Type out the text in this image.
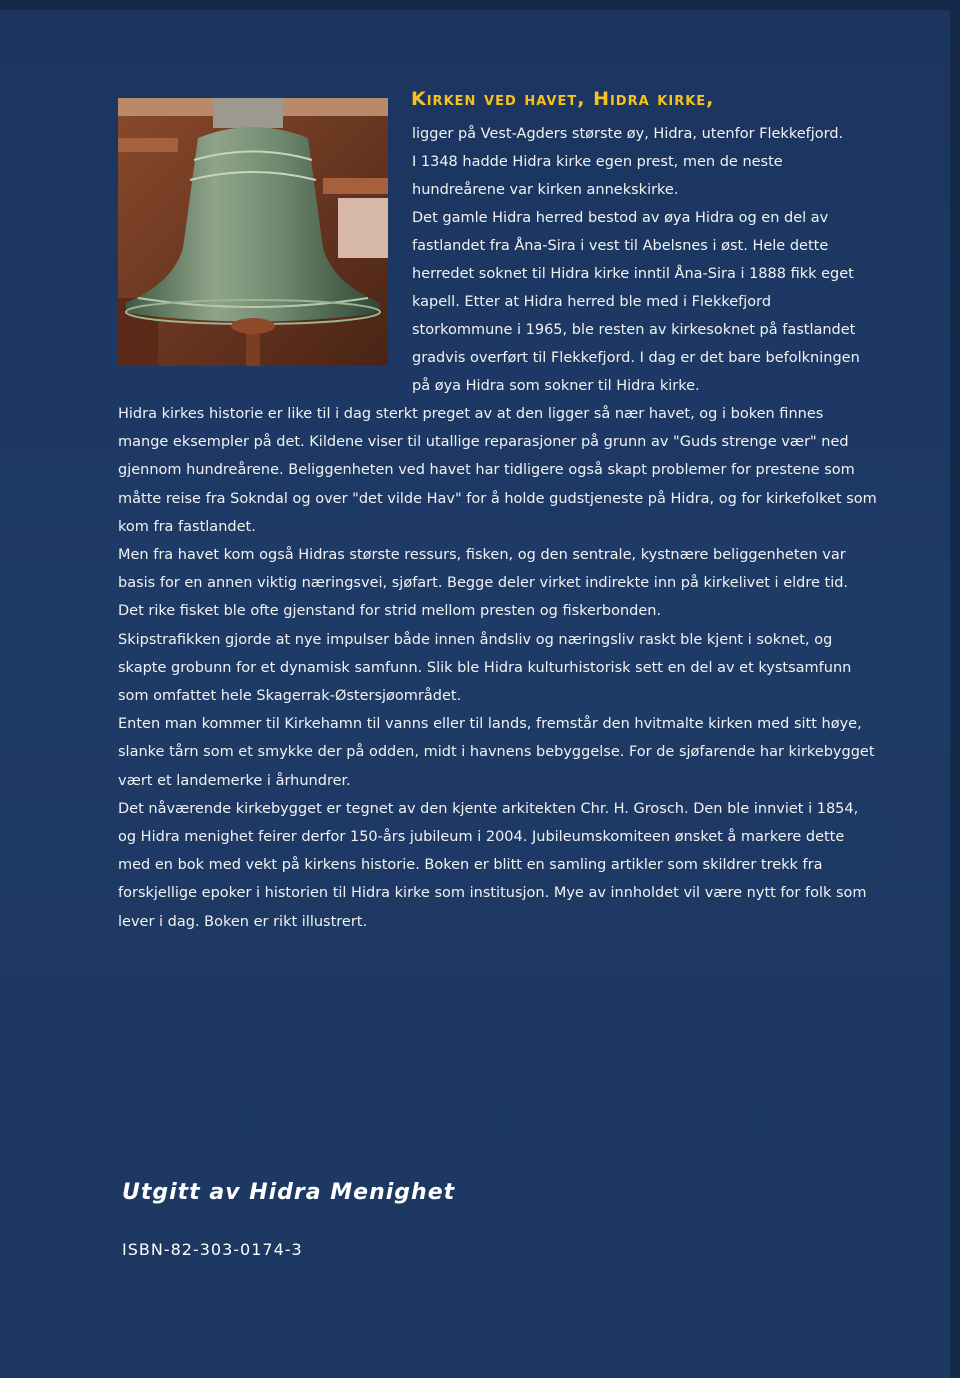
Kirken ved havet, Hidra kirke,

ligger på Vest-Agders største øy, Hidra, utenfor Flekkefjord.

I 1348 hadde Hidra kirke egen prest, men de neste hundreårene var kirken annekskirke.

Det gamle Hidra herred bestod av øya Hidra og en del av fastlandet fra Åna-Sira i vest til Abelsnes i øst. Hele dette herredet soknet til Hidra kirke inntil Åna-Sira i 1888 fikk eget kapell. Etter at Hidra herred ble med i Flekkefjord storkommune i 1965, ble resten av kirkesoknet på fastlandet gradvis overført til Flekkefjord. I dag er det bare befolkningen på øya Hidra som sokner til Hidra kirke.

Hidra kirkes historie er like til i dag sterkt preget av at den ligger så nær havet, og i boken finnes mange eksempler på det. Kildene viser til utallige reparasjoner på grunn av "Guds strenge vær" ned gjennom hundreårene. Beliggenheten ved havet har tidligere også skapt problemer for prestene som måtte reise fra Sokndal og over "det vilde Hav" for å holde gudstjeneste på Hidra, og for kirkefolket som kom fra fastlandet.

Men fra havet kom også Hidras største ressurs, fisken, og den sentrale, kystnære beliggenheten var basis for en annen viktig næringsvei, sjøfart. Begge deler virket indirekte inn på kirkelivet i eldre tid. Det rike fisket ble ofte gjenstand for strid mellom presten og fiskerbonden.

Skipstrafikken gjorde at nye impulser både innen åndsliv og næringsliv raskt ble kjent i soknet, og skapte grobunn for et dynamisk samfunn. Slik ble Hidra kulturhistorisk sett en del av et kystsamfunn som omfattet hele Skagerrak-Østersjøområdet.

Enten man kommer til Kirkehamn til vanns eller til lands, fremstår den hvitmalte kirken med sitt høye, slanke tårn som et smykke der på odden, midt i havnens bebyggelse. For de sjøfarende har kirkebygget vært et landemerke i århundrer.

Det nåværende kirkebygget er tegnet av den kjente arkitekten Chr. H. Grosch. Den ble innviet i 1854, og Hidra menighet feirer derfor 150-års jubileum i 2004. Jubileumskomiteen ønsket å markere dette med en bok med vekt på kirkens historie. Boken er blitt en samling artikler som skildrer trekk fra forskjellige epoker i historien til Hidra kirke som institusjon. Mye av innholdet vil være nytt for folk som lever i dag. Boken er rikt illustrert.

Utgitt av Hidra Menighet
ISBN-82-303-0174-3
